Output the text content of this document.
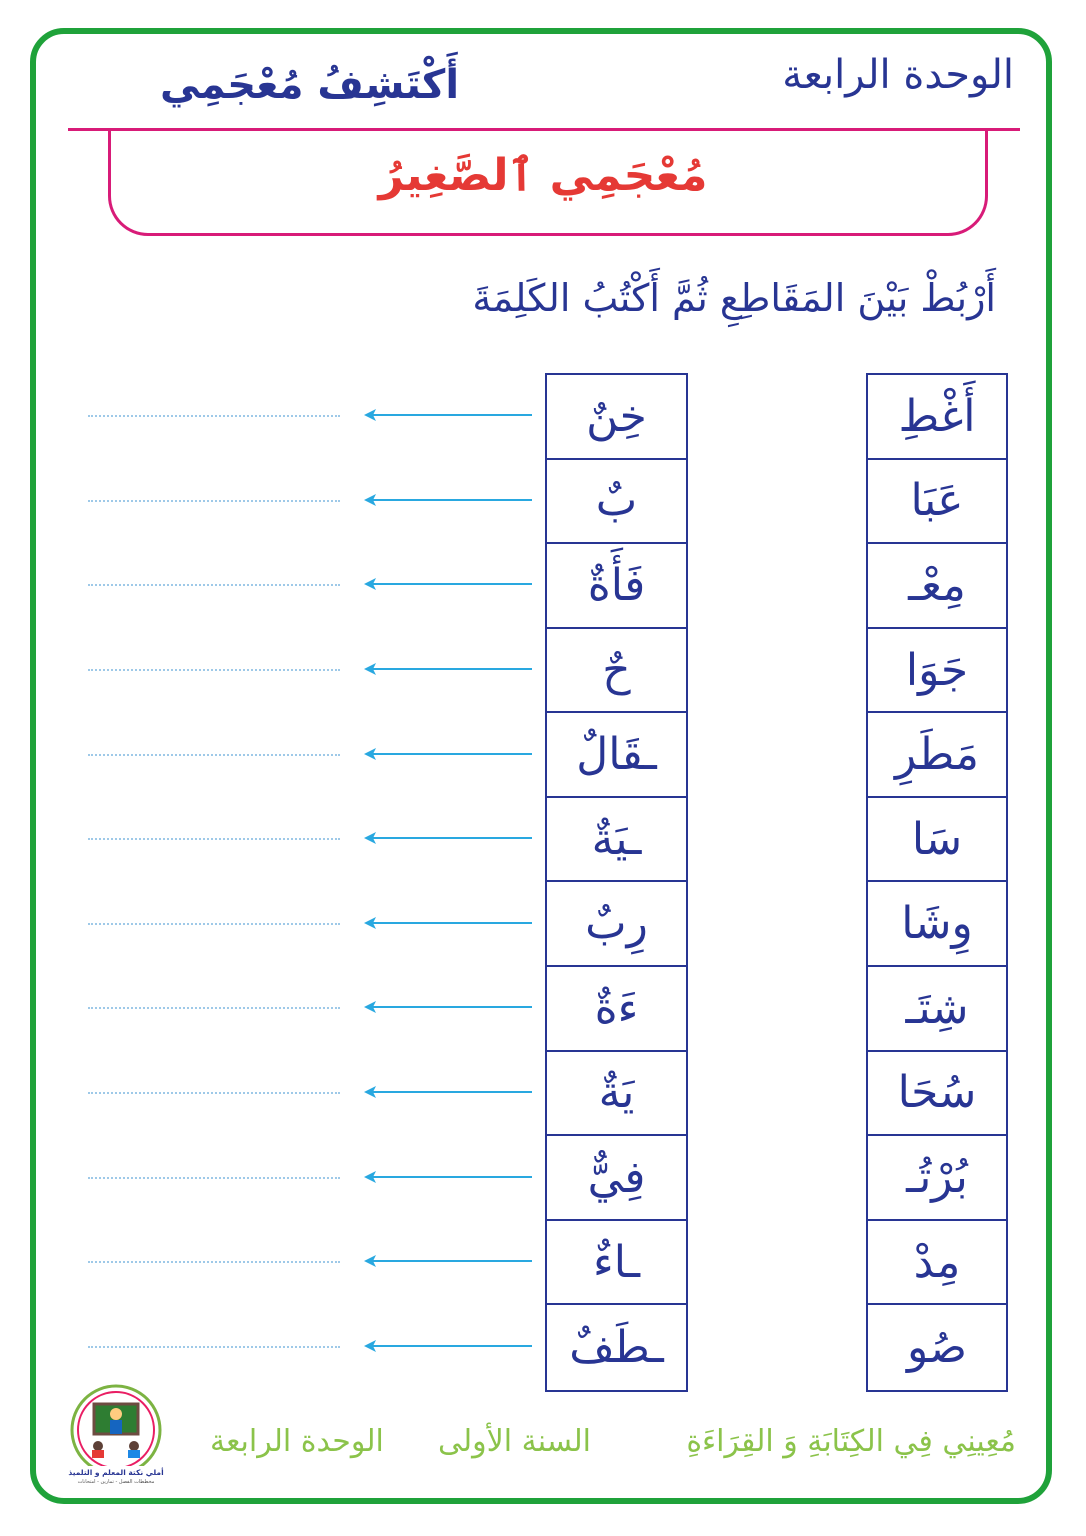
الوحدة الرابعة
أَكْتَشِفُ مُعْجَمِي
مُعْجَمِي ٱلصَّغِيرُ
أَرْبُطْ بَيْنَ المَقَاطِعِ ثُمَّ أَكْتُبُ الكَلِمَةَ
أَغْطِ
عَبَا
مِعْـ
جَوَا
مَطَرِ
سَا
وِشَا
شِتَـ
سُحَا
بُرْتُـ
مِدْ
صُو
خِنٌ
بٌ
فَأَةٌ
حٌ
ـقَالٌ
ـيَةٌ
رِبٌ
ءَةٌ
يَةٌ
فِيٌّ
ـاءٌ
ـطَفٌ
مُعِينِي فِي الكِتَابَةِ وَ القِرَاءَةِ
السنة الأولى
الوحدة الرابعة
أملي نكتة المعلم و التلميذ
مخططات الفصل - تمارين - امتحانات
